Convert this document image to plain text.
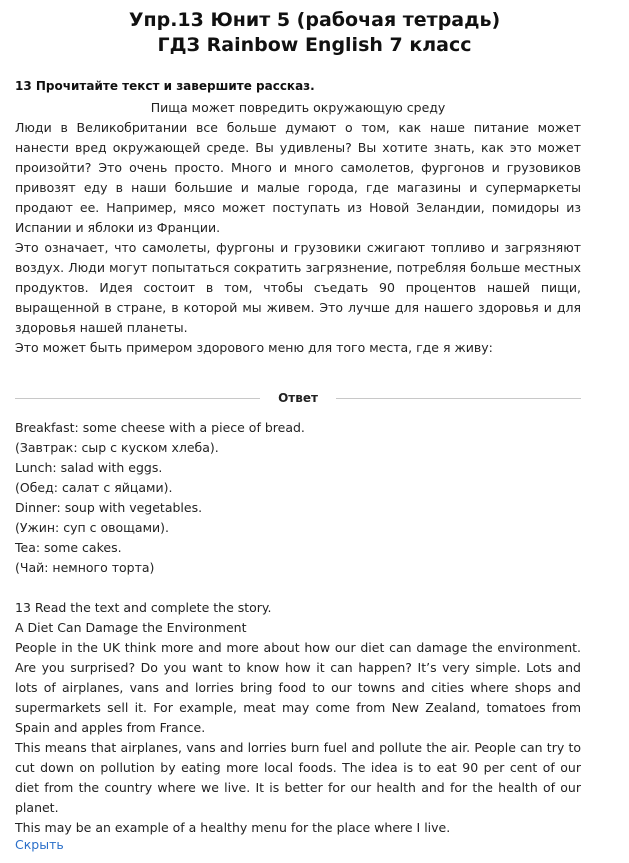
Упр.13 Юнит 5 (рабочая тетрадь)
ГДЗ Rainbow English 7 класс
13 Прочитайте текст и завершите рассказ.

Пища может повредить окружающую среду

Люди в Великобритании все больше думают о том, как наше питание может нанести вред окружающей среде. Вы удивлены? Вы хотите знать, как это может произойти? Это очень просто. Много и много самолетов, фургонов и грузовиков привозят еду в наши большие и малые города, где магазины и супермаркеты продают ее. Например, мясо может поступать из Новой Зеландии, помидоры из Испании и яблоки из Франции.

Это означает, что самолеты, фургоны и грузовики сжигают топливо и загрязняют воздух. Люди могут попытаться сократить загрязнение, потребляя больше местных продуктов. Идея состоит в том, чтобы съедать 90 процентов нашей пищи, выращенной в стране, в которой мы живем. Это лучше для нашего здоровья и для здоровья нашей планеты.

Это может быть примером здорового меню для того места, где я живу:

Ответ

Breakfast: some cheese with a piece of bread.

(Завтрак: сыр с куском хлеба).

Lunch: salad with eggs.

(Обед: салат с яйцами).

Dinner: soup with vegetables.

(Ужин: суп с овощами).

Tea: some cakes.

(Чай: немного торта)

13 Read the text and complete the story.

A Diet Can Damage the Environment

People in the UK think more and more about how our diet can damage the environment. Are you surprised? Do you want to know how it can happen? It’s very simple. Lots and lots of airplanes, vans and lorries bring food to our towns and cities where shops and supermarkets sell it. For example, meat may come from New Zealand, tomatoes from Spain and apples from France.

This means that airplanes, vans and lorries burn fuel and pollute the air. People can try to cut down on pollution by eating more local foods. The idea is to eat 90 per cent of our diet from the country where we live. It is better for our health and for the health of our planet.

This may be an example of a healthy menu for the place where I live.

Скрыть
